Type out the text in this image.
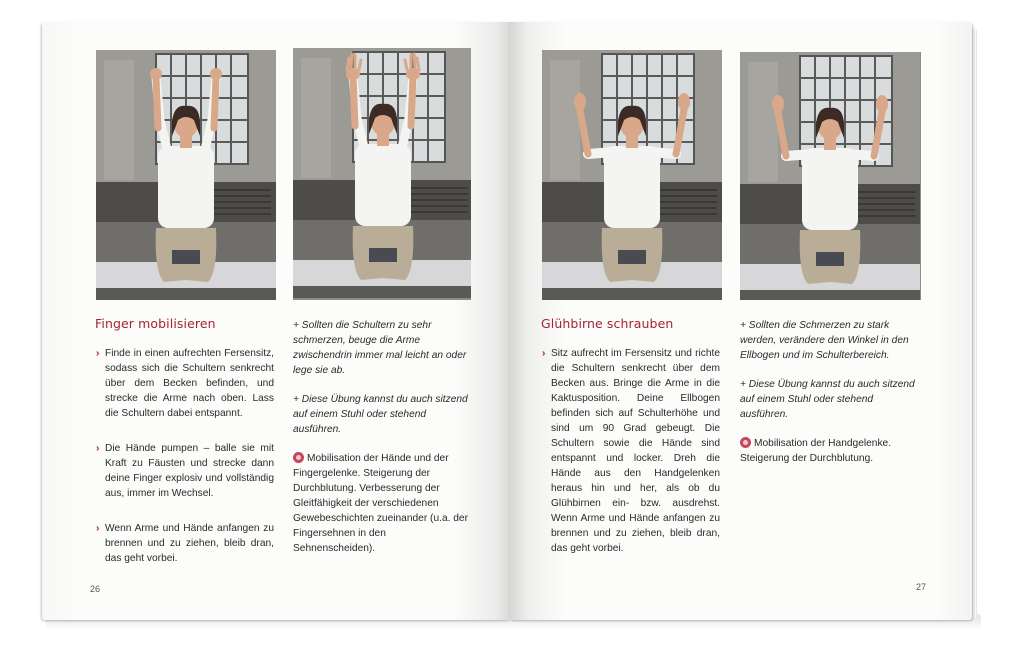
Finger mobilisieren
› Finde in einen aufrechten Fersensitz, sodass sich die Schultern senkrecht über dem Becken befinden, und strecke die Arme nach oben. Lass die Schultern dabei entspannt.
› Die Hände pumpen – balle sie mit Kraft zu Fäusten und strecke dann deine Finger explosiv und vollständig aus, immer im Wechsel.
› Wenn Arme und Hände anfangen zu brennen und zu ziehen, bleib dran, das geht vorbei.
+ Sollten die Schultern zu sehr schmerzen, beuge die Arme zwischendrin immer mal leicht an oder lege sie ab.
+ Diese Übung kannst du auch sitzend auf einem Stuhl oder stehend ausführen.
Mobilisation der Hände und der Fingergelenke. Steigerung der Durchblutung. Verbesserung der Gleitfähigkeit der verschiedenen Gewebeschichten zueinander (u.a. der Fingersehnen in den Sehnenscheiden).
26
Glühbirne schrauben
› Sitz aufrecht im Fersensitz und richte die Schultern senkrecht über dem Becken aus. Bringe die Arme in die Kaktusposition. Deine Ellbogen befinden sich auf Schulterhöhe und sind um 90 Grad gebeugt. Die Schultern sowie die Hände sind entspannt und locker. Dreh die Hände aus den Handgelenken heraus hin und her, als ob du Glühbirnen ein- bzw. ausdrehst. Wenn Arme und Hände anfangen zu brennen und zu ziehen, bleib dran, das geht vorbei.
+ Sollten die Schmerzen zu stark werden, verändere den Winkel in den Ellbogen und im Schulterbereich.
+ Diese Übung kannst du auch sitzend auf einem Stuhl oder stehend ausführen.
Mobilisation der Handgelenke. Steigerung der Durchblutung.
27
